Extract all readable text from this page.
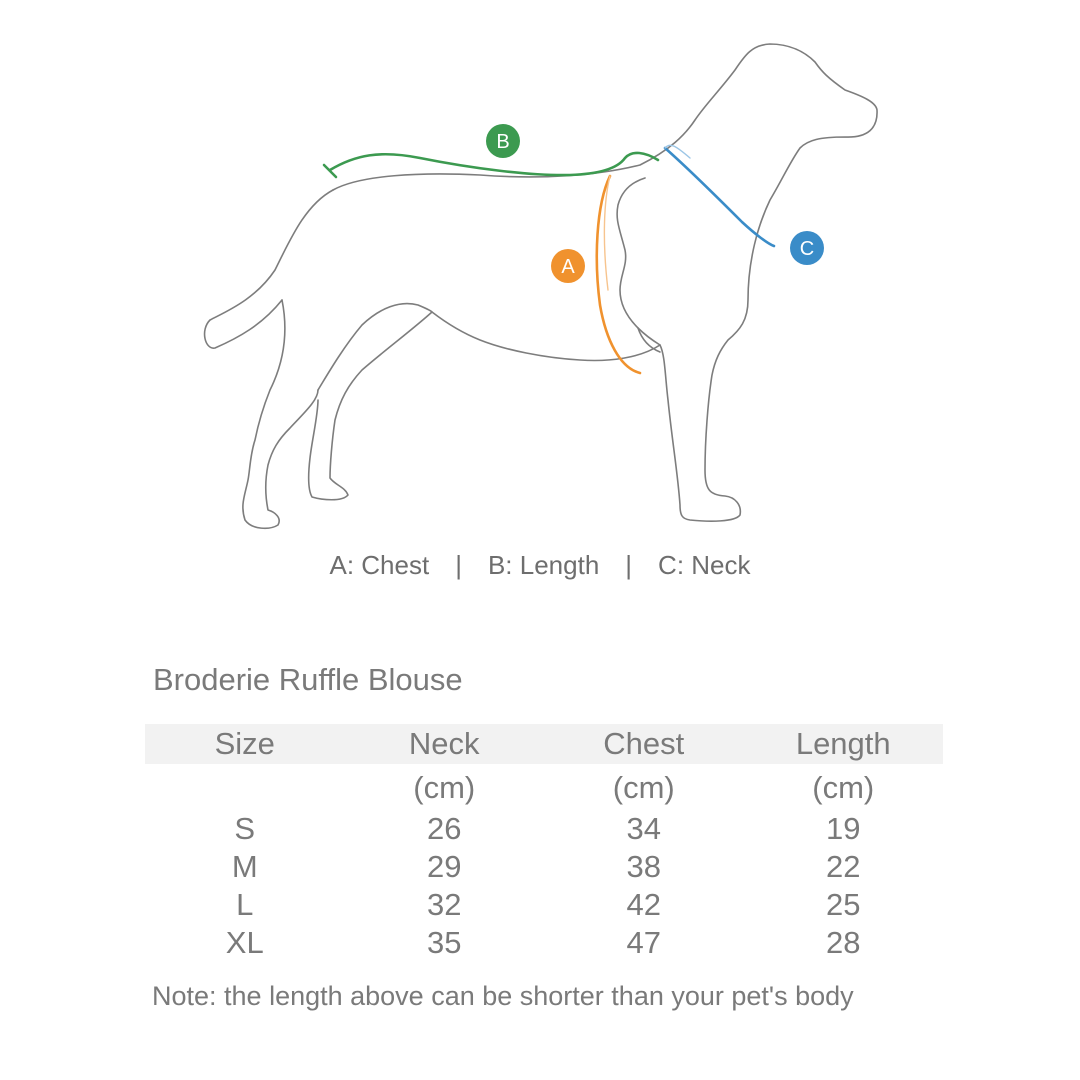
A
B
C
A: Chest | B: Length | C: Neck
Broderie Ruffle Blouse
Size	Neck	Chest	Length
	(cm)	(cm)	(cm)
S	26	34	19
M	29	38	22
L	32	42	25
XL	35	47	28
Note: the length above can be shorter than your pet's body
